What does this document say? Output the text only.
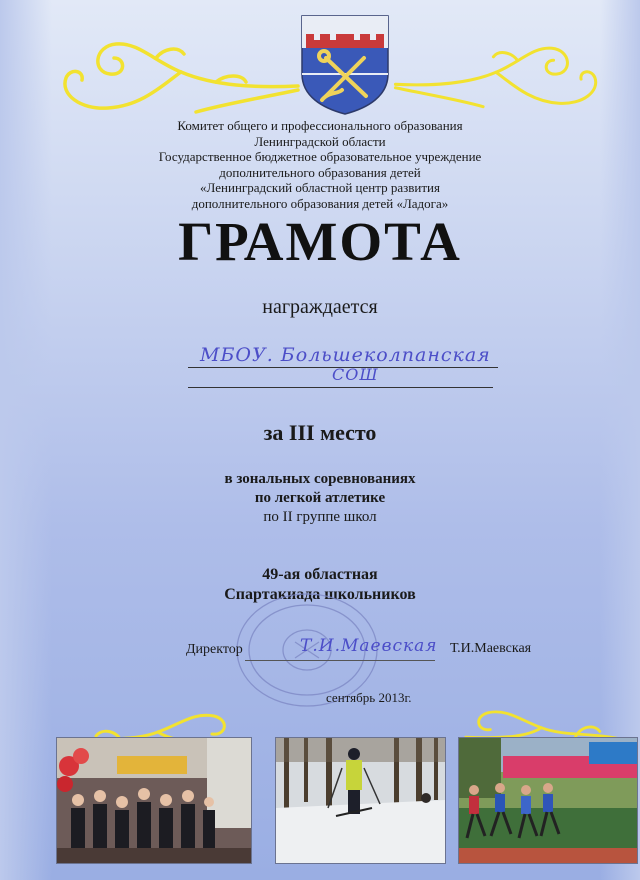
Комитет общего и профессионального образования
Ленинградской области
Государственное бюджетное образовательное учреждение
дополнительного образования детей
«Ленинградский областной центр развития
дополнительного образования детей «Ладога»
ГРАМОТА
награждается
МБОУ. Большеколпанская
СОШ
за III место
в зональных соревнованиях
по легкой атлетике
по II группе школ
49-ая областная
Спартакиада школьников
Директор	Т.И.Маевская Т.И.Маевская
сентябрь 2013г.
